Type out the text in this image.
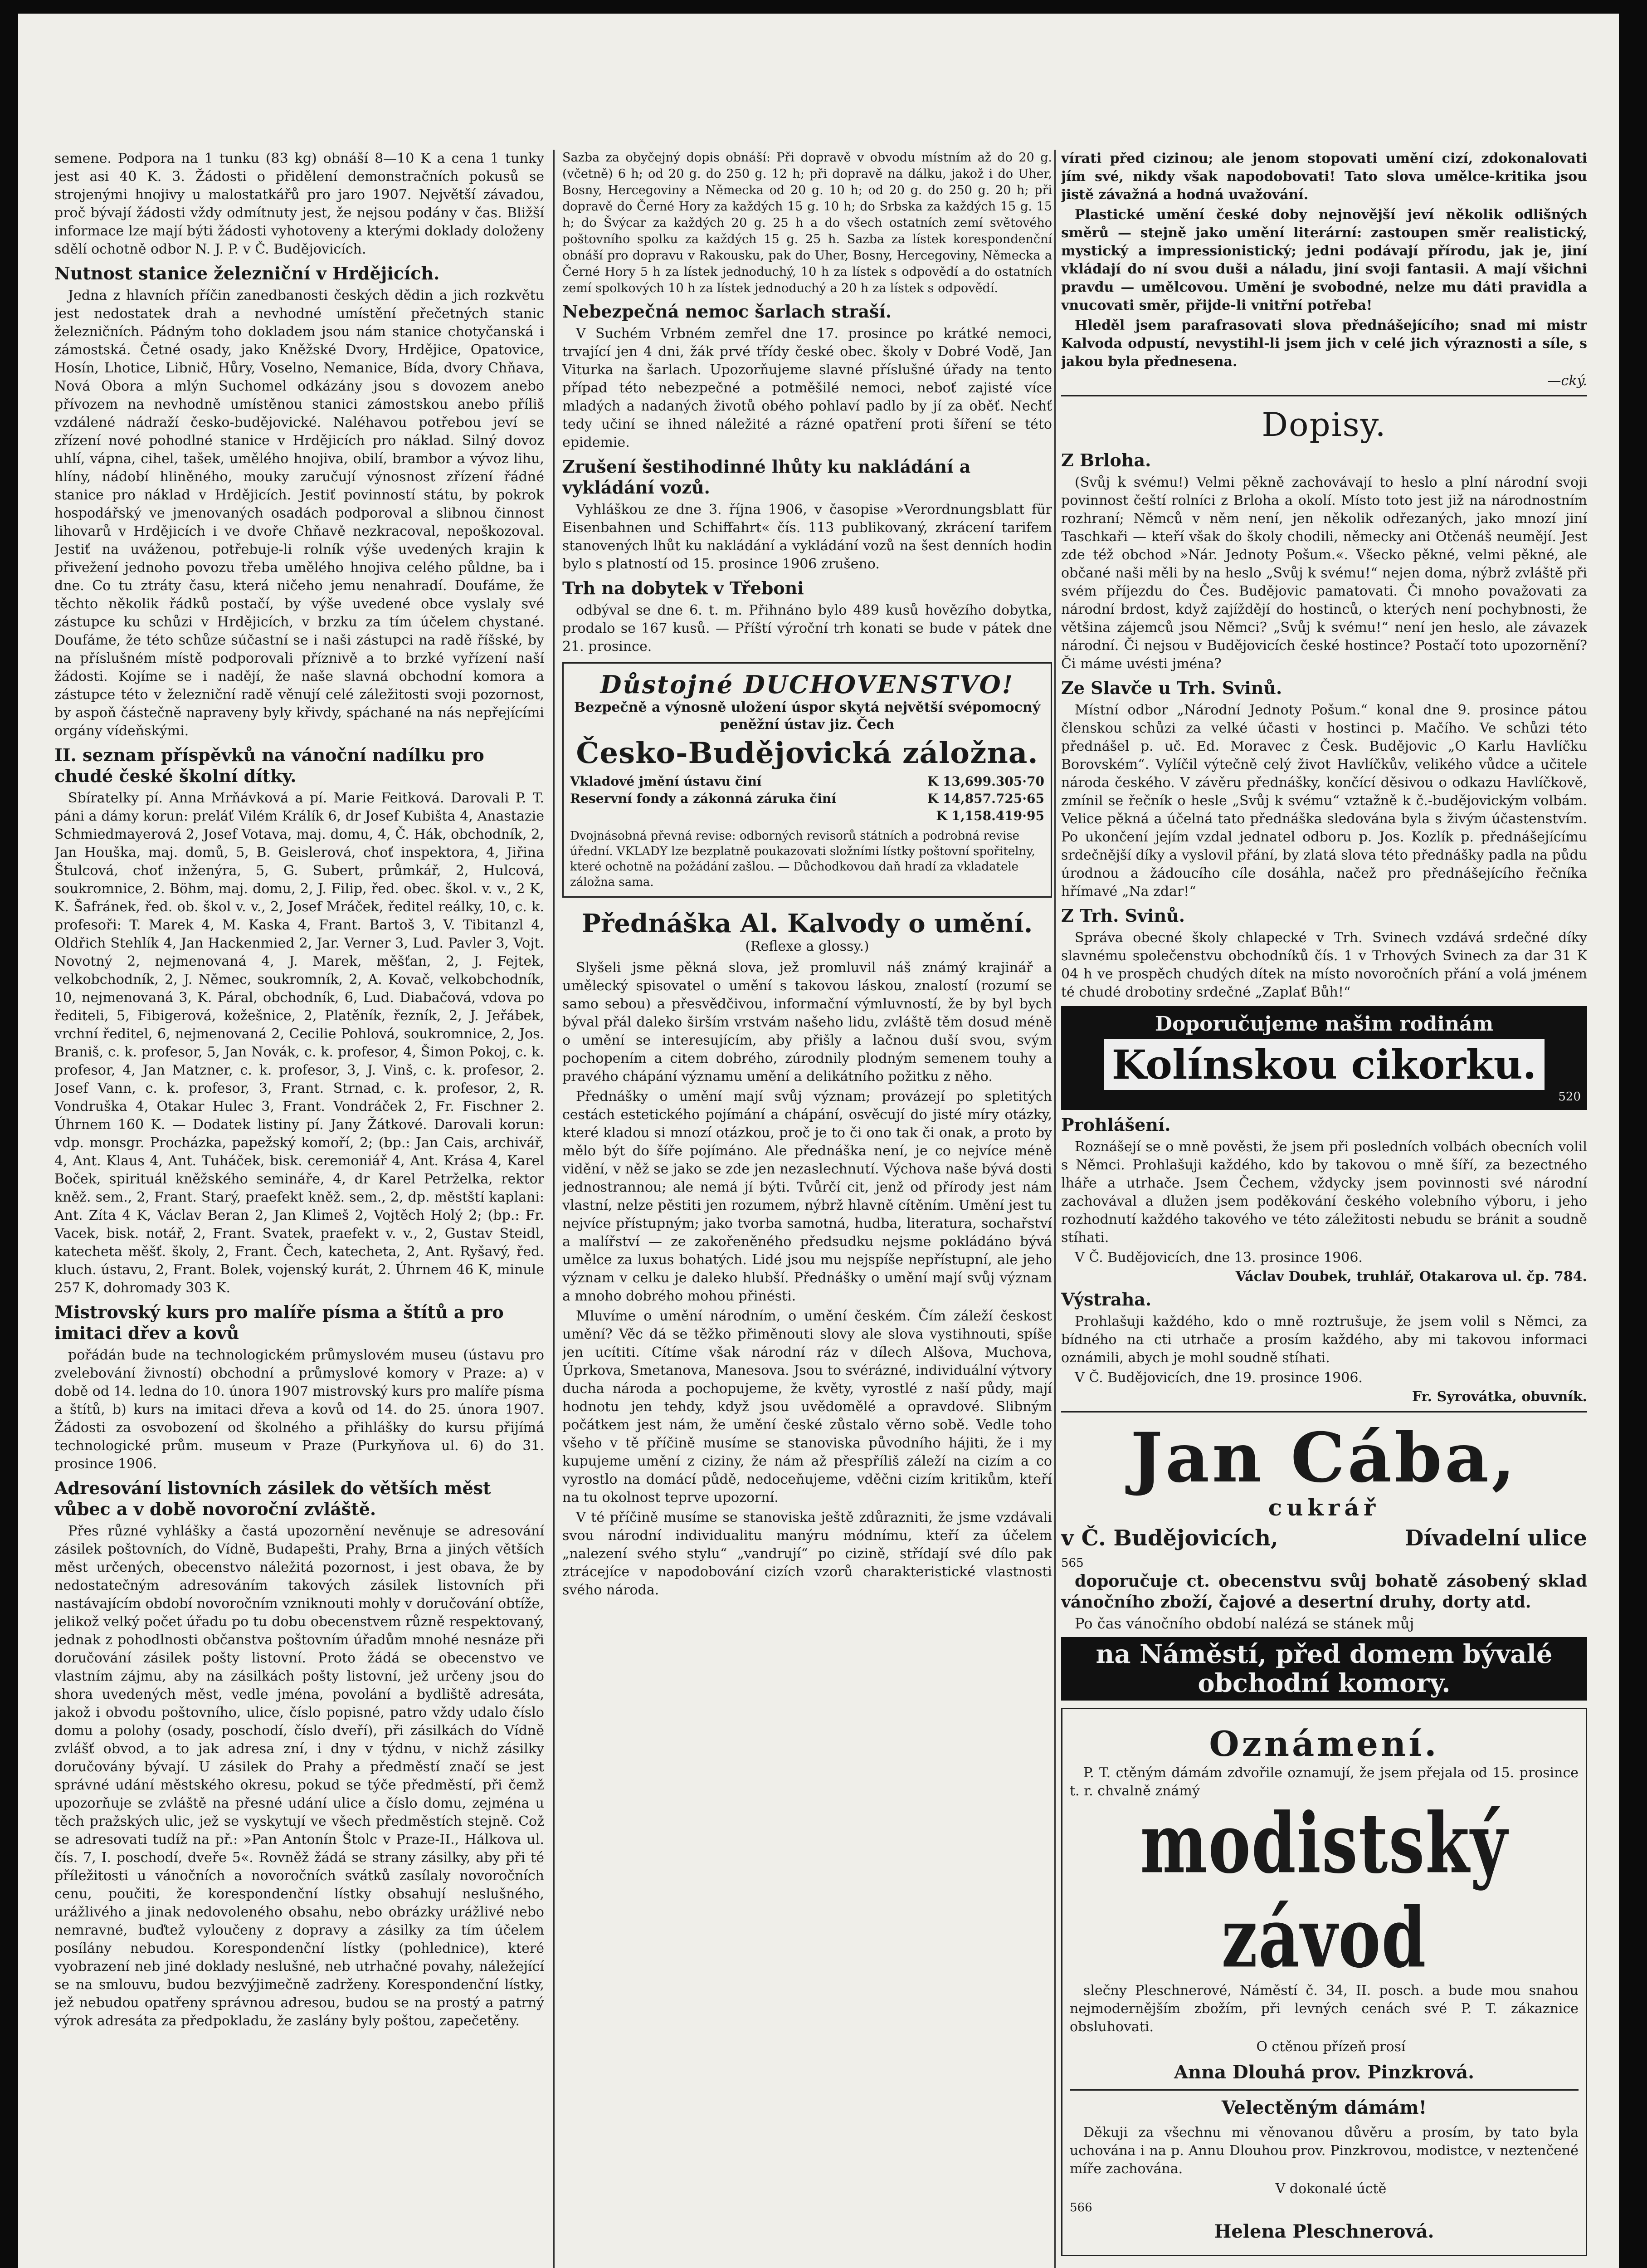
semene. Podpora na 1 tunku (83 kg) obnáší 8—10 K a cena 1 tunky jest asi 40 K. 3. Žádosti o přidělení demonstračních pokusů se strojenými hnojivy u malostatkářů pro jaro 1907. Největší závadou, proč bývají žádosti vždy odmítnuty jest, že nejsou podány v čas. Bližší informace lze mají býti žádosti vyhotoveny a kterými doklady doloženy sdělí ochotně odbor N. J. P. v Č. Budějovicích.

Nutnost stanice železniční v Hrdějicích.

Jedna z hlavních příčin zanedbanosti českých dědin a jich rozkvětu jest nedostatek drah a nevhodné umístění přečetných stanic železničních. Pádným toho dokladem jsou nám stanice chotyčanská i zámostská. Četné osady, jako Kněžské Dvory, Hrdějice, Opatovice, Hosín, Lhotice, Libnič, Hůry, Voselno, Nemanice, Bída, dvory Chňava, Nová Obora a mlýn Suchomel odkázány jsou s dovozem anebo přívozem na nevhodně umístěnou stanici zámostskou anebo příliš vzdálené nádraží česko-budějovické. Naléhavou potřebou jeví se zřízení nové pohodlné stanice v Hrdějicích pro náklad. Silný dovoz uhlí, vápna, cihel, tašek, umělého hnojiva, obilí, brambor a vývoz lihu, hlíny, nádobí hliněného, mouky zaručují výnosnost zřízení řádné stanice pro náklad v Hrdějicích. Jestiť povinností státu, by pokrok hospodářský ve jmenovaných osadách podporoval a slibnou činnost lihovarů v Hrdějicích i ve dvoře Chňavě nezkracoval, nepoškozoval. Jestiť na uváženou, potřebuje-li rolník výše uvedených krajin k přivežení jednoho povozu třeba umělého hnojiva celého půldne, ba i dne. Co tu ztráty času, která ničeho jemu nenahradí. Doufáme, že těchto několik řádků postačí, by výše uvedené obce vyslaly své zástupce ku schůzi v Hrdějicích, v brzku za tím účelem chystané. Doufáme, že této schůze súčastní se i naši zástupci na radě říšské, by na příslušném místě podporovali příznivě a to brzké vyřízení naší žádosti. Kojíme se i nadějí, že naše slavná obchodní komora a zástupce této v železniční radě věnují celé záležitosti svoji pozornost, by aspoň částečně napraveny byly křivdy, spáchané na nás nepřejícími orgány vídeňskými.

II. seznam příspěvků na vánoční nadílku pro chudé české školní dítky.

Sbíratelky pí. Anna Mrňávková a pí. Marie Feitková. Darovali P. T. páni a dámy korun: preláť Vilém Králík 6, dr Josef Kubišta 4, Anastazie Schmiedmayerová 2, Josef Votava, maj. domu, 4, Č. Hák, obchodník, 2, Jan Houška, maj. domů, 5, B. Geislerová, choť inspektora, 4, Jiřina Štulcová, choť inženýra, 5, G. Subert, průmkář, 2, Hulcová, soukromnice, 2. Böhm, maj. domu, 2, J. Filip, řed. obec. škol. v. v., 2 K, K. Šafránek, řed. ob. škol v. v., 2, Josef Mráček, ředitel reálky, 10, c. k. profesoři: T. Marek 4, M. Kaska 4, Frant. Bartoš 3, V. Tibitanzl 4, Oldřich Stehlík 4, Jan Hackenmied 2, Jar. Verner 3, Lud. Pavler 3, Vojt. Novotný 2, nejmenovaná 4, J. Marek, měšťan, 2, J. Fejtek, velkobchodník, 2, J. Němec, soukromník, 2, A. Kovač, velkobchodník, 10, nejmenovaná 3, K. Páral, obchodník, 6, Lud. Diabačová, vdova po řediteli, 5, Fibigerová, kožešnice, 2, Platěník, řezník, 2, J. Jeřábek, vrchní ředitel, 6, nejmenovaná 2, Cecilie Pohlová, soukromnice, 2, Jos. Braniš, c. k. profesor, 5, Jan Novák, c. k. profesor, 4, Šimon Pokoj, c. k. profesor, 4, Jan Matzner, c. k. profesor, 3, J. Vinš, c. k. profesor, 2. Josef Vann, c. k. profesor, 3, Frant. Strnad, c. k. profesor, 2, R. Vondruška 4, Otakar Hulec 3, Frant. Vondráček 2, Fr. Fischner 2. Úhrnem 160 K. — Dodatek listiny pí. Jany Žátkové. Darovali korun: vdp. monsgr. Procházka, papežský komoří, 2; (bp.: Jan Cais, archivář, 4, Ant. Klaus 4, Ant. Tuháček, bisk. ceremoniář 4, Ant. Krása 4, Karel Boček, spirituál kněžského semináře, 4, dr Karel Petrželka, rektor kněž. sem., 2, Frant. Starý, praefekt kněž. sem., 2, dp. městští kaplani: Ant. Zíta 4 K, Václav Beran 2, Jan Klimeš 2, Vojtěch Holý 2; (bp.: Fr. Vacek, bisk. notář, 2, Frant. Svatek, praefekt v. v., 2, Gustav Steidl, katecheta měšť. školy, 2, Frant. Čech, katecheta, 2, Ant. Ryšavý, řed. kluch. ústavu, 2, Frant. Bolek, vojenský kurát, 2. Úhrnem 46 K, minule 257 K, dohromady 303 K.

Mistrovský kurs pro malíře písma a štítů a pro imitaci dřev a kovů

pořádán bude na technologickém průmyslovém museu (ústavu pro zvelebování živností) obchodní a průmyslové komory v Praze: a) v době od 14. ledna do 10. února 1907 mistrovský kurs pro malíře písma a štítů, b) kurs na imitaci dřeva a kovů od 14. do 25. února 1907. Žádosti za osvobození od školného a přihlášky do kursu přijímá technologické prům. museum v Praze (Purkyňova ul. 6) do 31. prosince 1906.

Adresování listovních zásilek do větších měst vůbec a v době novoroční zvláště.

Přes různé vyhlášky a častá upozornění nevěnuje se adresování zásilek poštovních, do Vídně, Budapešti, Prahy, Brna a jiných větších měst určených, obecenstvo náležitá pozornost, i jest obava, že by nedostatečným adresováním takových zásilek listovních při nastávajícím období novoročním vzniknouti mohly v doručování obtíže, jelikož velký počet úřadu po tu dobu obecenstvem různě respektovaný, jednak z pohodlnosti občanstva poštovním úřadům mnohé nesnáze při doručování zásilek pošty listovní. Proto žádá se obecenstvo ve vlastním zájmu, aby na zásilkách pošty listovní, jež určeny jsou do shora uvedených měst, vedle jména, povolání a bydliště adresáta, jakož i obvodu poštovního, ulice, číslo popisné, patro vždy udalo číslo domu a polohy (osady, poschodí, číslo dveří), při zásilkách do Vídně zvlášť obvod, a to jak adresa zní, i dny v týdnu, v nichž zásilky doručovány bývají. U zásilek do Prahy a předměstí značí se jest správné udání městského okresu, pokud se týče předměstí, při čemž upozorňuje se zvláště na přesné udání ulice a číslo domu, zejména u těch pražských ulic, jež se vyskytují ve všech předměstích stejně. Což se adresovati tudíž na př.: »Pan Antonín Štolc v Praze-II., Hálkova ul. čís. 7, I. poschodí, dveře 5«. Rovněž žádá se strany zásilky, aby při té příležitosti u vánočních a novoročních svátků zasílaly novoročních cenu, poučiti, že korespondenční lístky obsahují neslušného, urážlivého a jinak nedovoleného obsahu, nebo obrázky urážlivé nebo nemravné, buďtež vyloučeny z dopravy a zásilky za tím účelem posílány nebudou. Korespondenční lístky (pohlednice), které vyobrazení neb jiné doklady neslušné, neb utrhačné povahy, náležející se na smlouvu, budou bezvýjimečně zadrženy. Korespondenční lístky, jež nebudou opatřeny správnou adresou, budou se na prostý a patrný výrok adresáta za předpokladu, že zaslány byly poštou, zapečetěny.

Sazba za obyčejný dopis obnáší: Při dopravě v obvodu místním až do 20 g. (včetně) 6 h; od 20 g. do 250 g. 12 h; při dopravě na dálku, jakož i do Uher, Bosny, Hercegoviny a Německa od 20 g. 10 h; od 20 g. do 250 g. 20 h; při dopravě do Černé Hory za každých 15 g. 10 h; do Srbska za každých 15 g. 15 h; do Švýcar za každých 20 g. 25 h a do všech ostatních zemí světového poštovního spolku za každých 15 g. 25 h. Sazba za lístek korespondenční obnáší pro dopravu v Rakousku, pak do Uher, Bosny, Hercegoviny, Německa a Černé Hory 5 h za lístek jednoduchý, 10 h za lístek s odpovědí a do ostatních zemí spolkových 10 h za lístek jednoduchý a 20 h za lístek s odpovědí.

Nebezpečná nemoc šarlach straší.

V Suchém Vrbném zemřel dne 17. prosince po krátké nemoci, trvající jen 4 dni, žák prvé třídy české obec. školy v Dobré Vodě, Jan Viturka na šarlach. Upozorňujeme slavné příslušné úřady na tento případ této nebezpečné a potměšilé nemoci, neboť zajisté více mladých a nadaných životů obého pohlaví padlo by jí za oběť. Nechť tedy učiní se ihned náležité a rázné opatření proti šíření se této epidemie.

Zrušení šestihodinné lhůty ku nakládání a vykládání vozů.

Vyhláškou ze dne 3. října 1906, v časopise »Verordnungsblatt für Eisenbahnen und Schiffahrt« čís. 113 publikovaný, zkrácení tarifem stanovených lhůt ku nakládání a vykládání vozů na šest denních hodin bylo s platností od 15. prosince 1906 zrušeno.

Trh na dobytek v Třeboni

odbýval se dne 6. t. m. Přihnáno bylo 489 kusů hovězího dobytka, prodalo se 167 kusů. — Příští výroční trh konati se bude v pátek dne 21. prosince.

Důstojné DUCHOVENSTVO!
Bezpečně a výnosně uložení úspor skytá největší svépomocný peněžní ústav jiz. Čech
Česko-Budějovická záložna.
Vkladové jmění ústavu činí	K 13,699.305·70
Reservní fondy a zákonná záruka činí	K 14,857.725·65
K 1,158.419·95
Dvojnásobná převná revise: odborných revisorů státních a podrobná revise úřední. VKLADY lze bezplatně poukazovati složními lístky poštovní spořitelny, které ochotně na požádání zašlou. — Důchodkovou daň hradí za vkladatele záložna sama.
Přednáška Al. Kalvody o umění.
(Reflexe a glossy.)

Slyšeli jsme pěkná slova, jež promluvil náš známý krajinář a umělecký spisovatel o umění s takovou láskou, znalostí (rozumí se samo sebou) a přesvědčivou, informační výmluvností, že by byl bych býval přál daleko širším vrstvám našeho lidu, zvláště těm dosud méně o umění se interesujícím, aby přišly a lačnou duší svou, svým pochopením a citem dobrého, zúrodnily plodným semenem touhy a pravého chápání významu umění a delikátního požitku z něho.

Přednášky o umění mají svůj význam; provázejí po spletitých cestách estetického pojímání a chápání, osvěcují do jisté míry otázky, které kladou si mnozí otázkou, proč je to či ono tak či onak, a proto by mělo být do šíře pojímáno. Ale přednáška není, je co nejvíce méně vidění, v něž se jako se zde jen nezaslechnutí. Výchova naše bývá dosti jednostrannou; ale nemá jí býti. Tvůrčí cit, jenž od přírody jest nám vlastní, nelze pěstiti jen rozumem, nýbrž hlavně cítěním. Umění jest tu nejvíce přístupným; jako tvorba samotná, hudba, literatura, sochařství a malířství — ze zakořeněného předsudku nejsme pokládáno bývá umělce za luxus bohatých. Lidé jsou mu nejspíše nepřístupní, ale jeho význam v celku je daleko hlubší. Přednášky o umění mají svůj význam a mnoho dobrého mohou přinésti.

Mluvíme o umění národním, o umění českém. Čím záleží českost umění? Věc dá se těžko přiměnouti slovy ale slova vystihnouti, spíše jen ucítiti. Cítíme však národní ráz v dílech Alšova, Muchova, Úprkova, Smetanova, Manesova. Jsou to svérázné, individuální výtvory ducha národa a pochopujeme, že květy, vyrostlé z naší půdy, mají hodnotu jen tehdy, když jsou uvědomělé a opravdové. Slibným počátkem jest nám, že umění české zůstalo věrno sobě. Vedle toho všeho v tě příčině musíme se stanoviska původního hájiti, že i my kupujeme umění z ciziny, že nám až přespříliš záleží na cizím a co vyrostlo na domácí půdě, nedoceňujeme, vděčni cizím kritikům, kteří na tu okolnost teprve upozorní.

V té příčině musíme se stanoviska ještě zdůrazniti, že jsme vzdávali svou národní individualitu manýru módnímu, kteří za účelem „nalezení svého stylu“ „vandrují“ po cizině, střídají své dílo pak ztrácejíce v napodobování cizích vzorů charakteristické vlastnosti svého národa.

vírati před cizinou; ale jenom stopovati umění cizí, zdokonalovati jím své, nikdy však napodobovati! Tato slova umělce-kritika jsou jistě závažná a hodná uvažování.

Plastické umění české doby nejnovější jeví několik odlišných směrů — stejně jako umění literární: zastoupen směr realistický, mystický a impressionistický; jedni podávají přírodu, jak je, jiní vkládají do ní svou duši a náladu, jiní svoji fantasii. A mají všichni pravdu — umělcovou. Umění je svobodné, nelze mu dáti pravidla a vnucovati směr, přijde-li vnitřní potřeba!

Hleděl jsem parafrasovati slova přednášejícího; snad mi mistr Kalvoda odpustí, nevystihl-li jsem jich v celé jich výraznosti a síle, s jakou byla přednesena.

—cký.
Dopisy.
Z Brloha.

(Svůj k svému!) Velmi pěkně zachovávají to heslo a plní národní svoji povinnost čeští rolníci z Brloha a okolí. Místo toto jest již na národnostním rozhraní; Němců v něm není, jen několik odřezaných, jako mnozí jiní Taschkaři — kteří však do školy chodili, německy ani Otčenáš neumějí. Jest zde též obchod »Nár. Jednoty Pošum.«. Všecko pěkné, velmi pěkné, ale občané naši měli by na heslo „Svůj k svému!“ nejen doma, nýbrž zvláště při svém příjezdu do Čes. Budějovic pamatovati. Či mnoho považovati za národní brdost, když zajíždějí do hostinců, o kterých není pochybnosti, že většina zájemců jsou Němci? „Svůj k svému!“ není jen heslo, ale závazek národní. Či nejsou v Budějovicích české hostince? Postačí toto upozornění? Či máme uvésti jména?

Ze Slavče u Trh. Svinů.

Místní odbor „Národní Jednoty Pošum.“ konal dne 9. prosince pátou členskou schůzi za velké účasti v hostinci p. Mačího. Ve schůzi této přednášel p. uč. Ed. Moravec z Česk. Budějovic „O Karlu Havlíčku Borovském“. Vylíčil výtečně celý život Havlíčkův, velikého vůdce a učitele národa českého. V závěru přednášky, končící děsivou o odkazu Havlíčkově, zmínil se řečník o hesle „Svůj k svému“ vztažně k č.-budějovickým volbám. Velice pěkná a účelná tato přednáška sledována byla s živým účastenstvím. Po ukončení jejím vzdal jednatel odboru p. Jos. Kozlík p. přednášejícímu srdečnější díky a vyslovil přání, by zlatá slova této přednášky padla na půdu úrodnou a žádoucího cíle dosáhla, načež pro přednášejícího řečníka hřímavé „Na zdar!“

Z Trh. Svinů.

Správa obecné školy chlapecké v Trh. Svinech vzdává srdečné díky slavnému společenstvu obchodníků čís. 1 v Trhových Svinech za dar 31 K 04 h ve prospěch chudých dítek na místo novoročních přání a volá jménem té chudé drobotiny srdečné „Zaplať Bůh!“

Doporučujeme našim rodinám
Kolínskou cikorku.
520
Prohlášení.

Roznášejí se o mně pověsti, že jsem při posledních volbách obecních volil s Němci. Prohlašuji každého, kdo by takovou o mně šíří, za bezectného lháře a utrhače. Jsem Čechem, vždycky jsem povinnosti své národní zachovával a dlužen jsem poděkování českého volebního výboru, i jeho rozhodnutí každého takového ve této záležitosti nebudu se bránit a soudně stíhati.

V Č. Budějovicích, dne 13. prosince 1906.

Václav Doubek, truhlář, Otakarova ul. čp. 784.
Výstraha.

Prohlašuji každého, kdo o mně roztrušuje, že jsem volil s Němci, za bídného na cti utrhače a prosím každého, aby mi takovou informaci oznámili, abych je mohl soudně stíhati.

V Č. Budějovicích, dne 19. prosince 1906.

Fr. Syrovátka, obuvník.
Jan Cába,
cukrář
v Č. Budějovicích,	Dívadelní ulice
565

doporučuje ct. obecenstvu svůj bohatě zásobený sklad vánočního zboží, čajové a desertní druhy, dorty atd.

Po čas vánočního období nalézá se stánek můj

na Náměstí, před domem bývalé obchodní komory.
Oznámení.

P. T. ctěným dámám zdvořile oznamují, že jsem přejala od 15. prosince t. r. chvalně známý

modistský závod

slečny Pleschnerové, Náměstí č. 34, II. posch. a bude mou snahou nejmodernějším zbožím, při levných cenách své P. T. zákaznice obsluhovati.

O ctěnou přízeň prosí

Anna Dlouhá prov. Pinzkrová.
Velectěným dámám!

Děkuji za všechnu mi věnovanou důvěru a prosím, by tato byla uchována i na p. Annu Dlouhou prov. Pinzkrovou, modistce, v neztenčené míře zachována.

V dokonalé úctě
566
Helena Pleschnerová.
